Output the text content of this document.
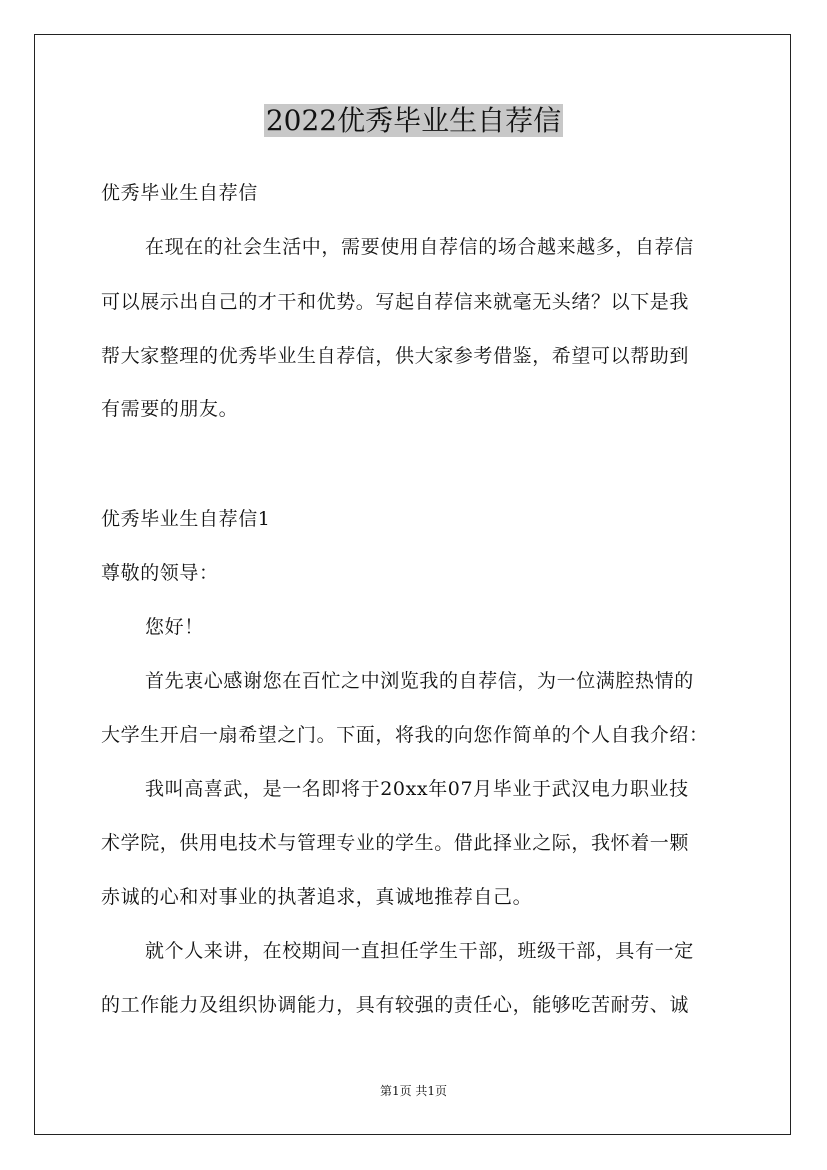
2022优秀毕业生自荐信
优秀毕业生自荐信
在现在的社会生活中，需要使用自荐信的场合越来越多，自荐信
可以展示出自己的才干和优势。写起自荐信来就毫无头绪？以下是我
帮大家整理的优秀毕业生自荐信，供大家参考借鉴，希望可以帮助到
有需要的朋友。
优秀毕业生自荐信1
尊敬的领导：
您好！
首先衷心感谢您在百忙之中浏览我的自荐信，为一位满腔热情的
大学生开启一扇希望之门。下面，将我的向您作简单的个人自我介绍：
我叫高喜武，是一名即将于20xx年07月毕业于武汉电力职业技
术学院，供用电技术与管理专业的学生。借此择业之际，我怀着一颗
赤诚的心和对事业的执著追求，真诚地推荐自己。
就个人来讲，在校期间一直担任学生干部，班级干部，具有一定
的工作能力及组织协调能力，具有较强的责任心，能够吃苦耐劳、诚
第1页 共1页
